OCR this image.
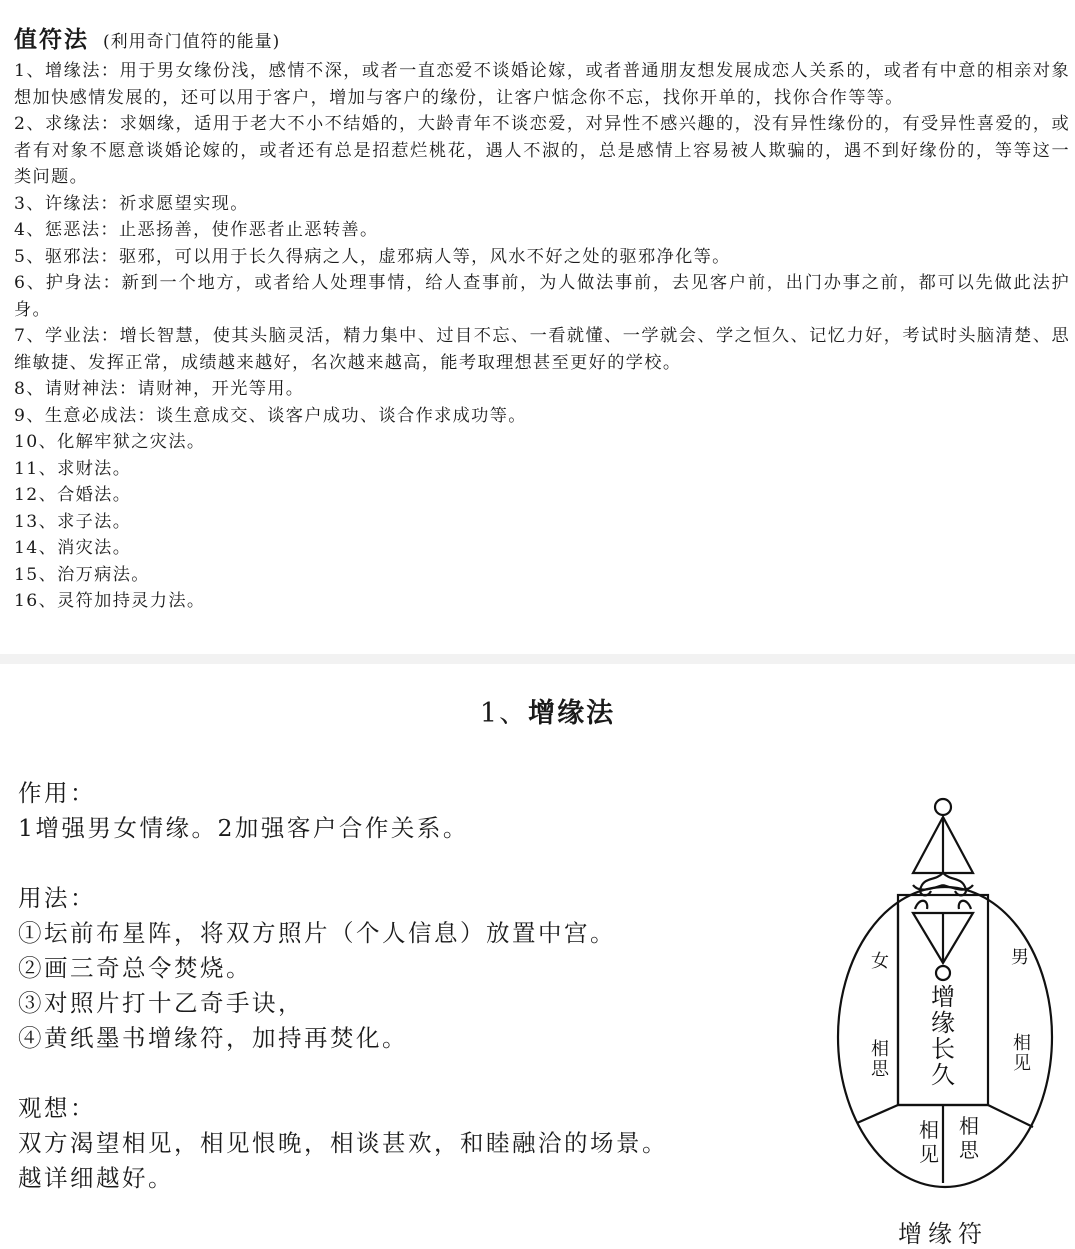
值符法 (利用奇门值符的能量)

1、增缘法：用于男女缘份浅，感情不深，或者一直恋爱不谈婚论嫁，或者普通朋友想发展成恋人关系的，或者有中意的相亲对象想加快感情发展的，还可以用于客户，增加与客户的缘份，让客户惦念你不忘，找你开单的，找你合作等等。

2、求缘法：求姻缘，适用于老大不小不结婚的，大龄青年不谈恋爱，对异性不感兴趣的，没有异性缘份的，有受异性喜爱的，或者有对象不愿意谈婚论嫁的，或者还有总是招惹烂桃花，遇人不淑的，总是感情上容易被人欺骗的，遇不到好缘份的，等等这一类问题。

3、许缘法：祈求愿望实现。

4、惩恶法：止恶扬善，使作恶者止恶转善。

5、驱邪法：驱邪，可以用于长久得病之人，虚邪病人等，风水不好之处的驱邪净化等。

6、护身法：新到一个地方，或者给人处理事情，给人查事前，为人做法事前，去见客户前，出门办事之前，都可以先做此法护身。

7、学业法：增长智慧，使其头脑灵活，精力集中、过目不忘、一看就懂、一学就会、学之恒久、记忆力好，考试时头脑清楚、思维敏捷、发挥正常，成绩越来越好，名次越来越高，能考取理想甚至更好的学校。

8、请财神法：请财神，开光等用。

9、生意必成法：谈生意成交、谈客户成功、谈合作求成功等。

10、化解牢狱之灾法。

11、求财法。

12、合婚法。

13、求子法。

14、消灾法。

15、治万病法。

16、灵符加持灵力法。

1、增缘法

作用：

1增强男女情缘。2加强客户合作关系。

用法：

①坛前布星阵，将双方照片（个人信息）放置中宫。

②画三奇总令焚烧。

③对照片打十乙奇手诀，

④黄纸墨书增缘符，加持再焚化。

观想：

双方渴望相见，相见恨晚，相谈甚欢，和睦融洽的场景。

越详细越好。

女	男
相
思
相
见
增
缘
长
久
相
见
相
思
增缘符
